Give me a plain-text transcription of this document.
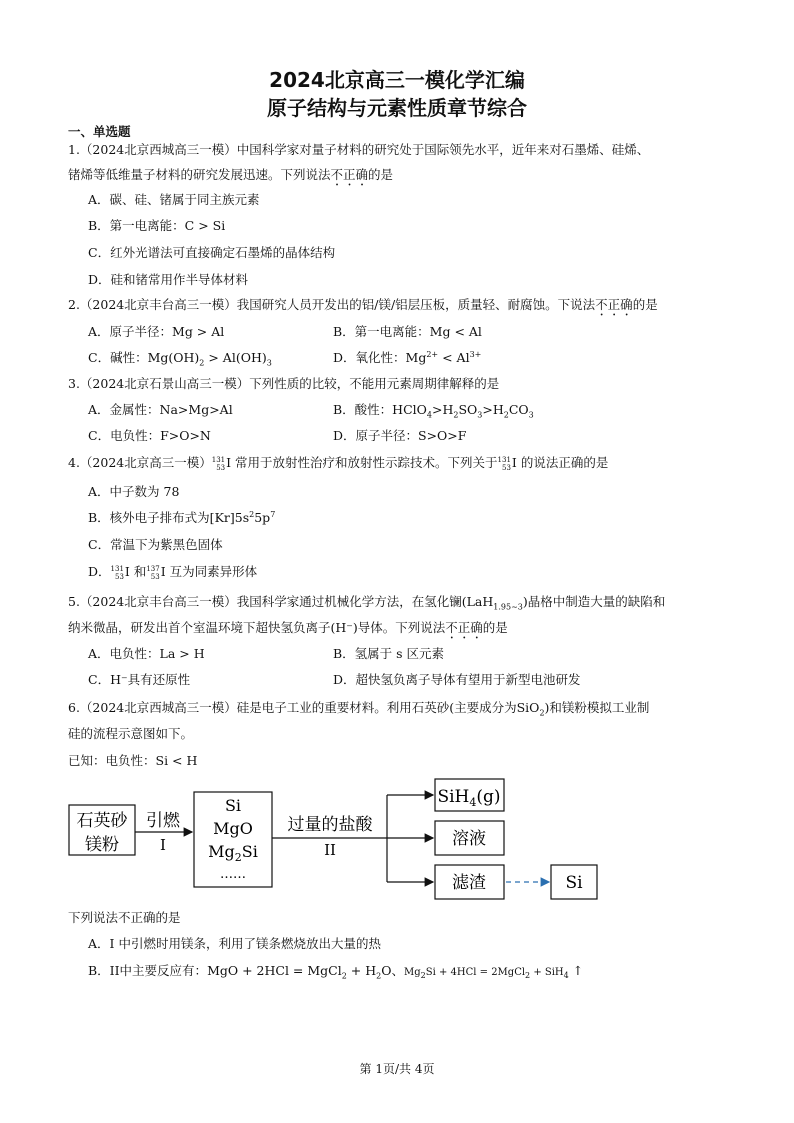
2024北京高三一模化学汇编
原子结构与元素性质章节综合
一、单选题
1.（2024北京西城高三一模）中国科学家对量子材料的研究处于国际领先水平，近年来对石墨烯、硅烯、
锗烯等低维量子材料的研究发展迅速。下列说法不正确的是
A．碳、硅、锗属于同主族元素
B．第一电离能：C > Si
C．红外光谱法可直接确定石墨烯的晶体结构
D．硅和锗常用作半导体材料
2.（2024北京丰台高三一模）我国研究人员开发出的铝/镁/铝层压板，质量轻、耐腐蚀。下说法不正确的是
A．原子半径：Mg > Al	B．第一电离能：Mg < Al
C．碱性：$Mg(OH)_2 > Al(OH)_3$	D．氧化性：$Mg^{2+} < Al^{3+}$
3.（2024北京石景山高三一模）下列性质的比较，不能用元素周期律解释的是
A．金属性：Na>Mg>Al	B．酸性：$HClO_4>H_2SO_3>H_2CO_3$
C．电负性：F>O>N	D．原子半径：S>O>F
4.（2024北京高三一模） 131
53 I 常用于放射性治疗和放射性示踪技术。下列关于 131
53 I 的说法正确的是
A．中子数为 78
B．核外电子排布式为$[Kr]5s^25p^7$
C．常温下为紫黑色固体
D． 131
53 I 和 137
53 I 互为同素异形体
5.（2024北京丰台高三一模）我国科学家通过机械化学方法，在氢化镧(LaH$_{1.95\sim 3}$)晶格中制造大量的缺陷和
纳米微晶，研发出首个室温环境下超快氢负离子(H⁻)导体。下列说法不正确的是
A．电负性：La > H	B．氢属于 s 区元素
C．H⁻具有还原性	D．超快氢负离子导体有望用于新型电池研发
6.（2024北京西城高三一模）硅是电子工业的重要材料。利用石英砂(主要成分为SiO$_2$)和镁粉模拟工业制
硅的流程示意图如下。
已知：电负性：Si < H
石英砂
镁粉
引燃
I
Si
MgO
$Mg_2Si$
……
过量的盐酸
II
SiH$_4$(g)
溶液
滤渣	Si
下列说法不正确的是
A．I 中引燃时用镁条，利用了镁条燃烧放出大量的热
B．II中主要反应有：MgO + 2HCl = MgCl$_2$ + $H_2O$、$Mg_2Si + 4HCl$ = 2MgCl$_2$ + SiH$_4$ ↑
第 1页/共 4页
